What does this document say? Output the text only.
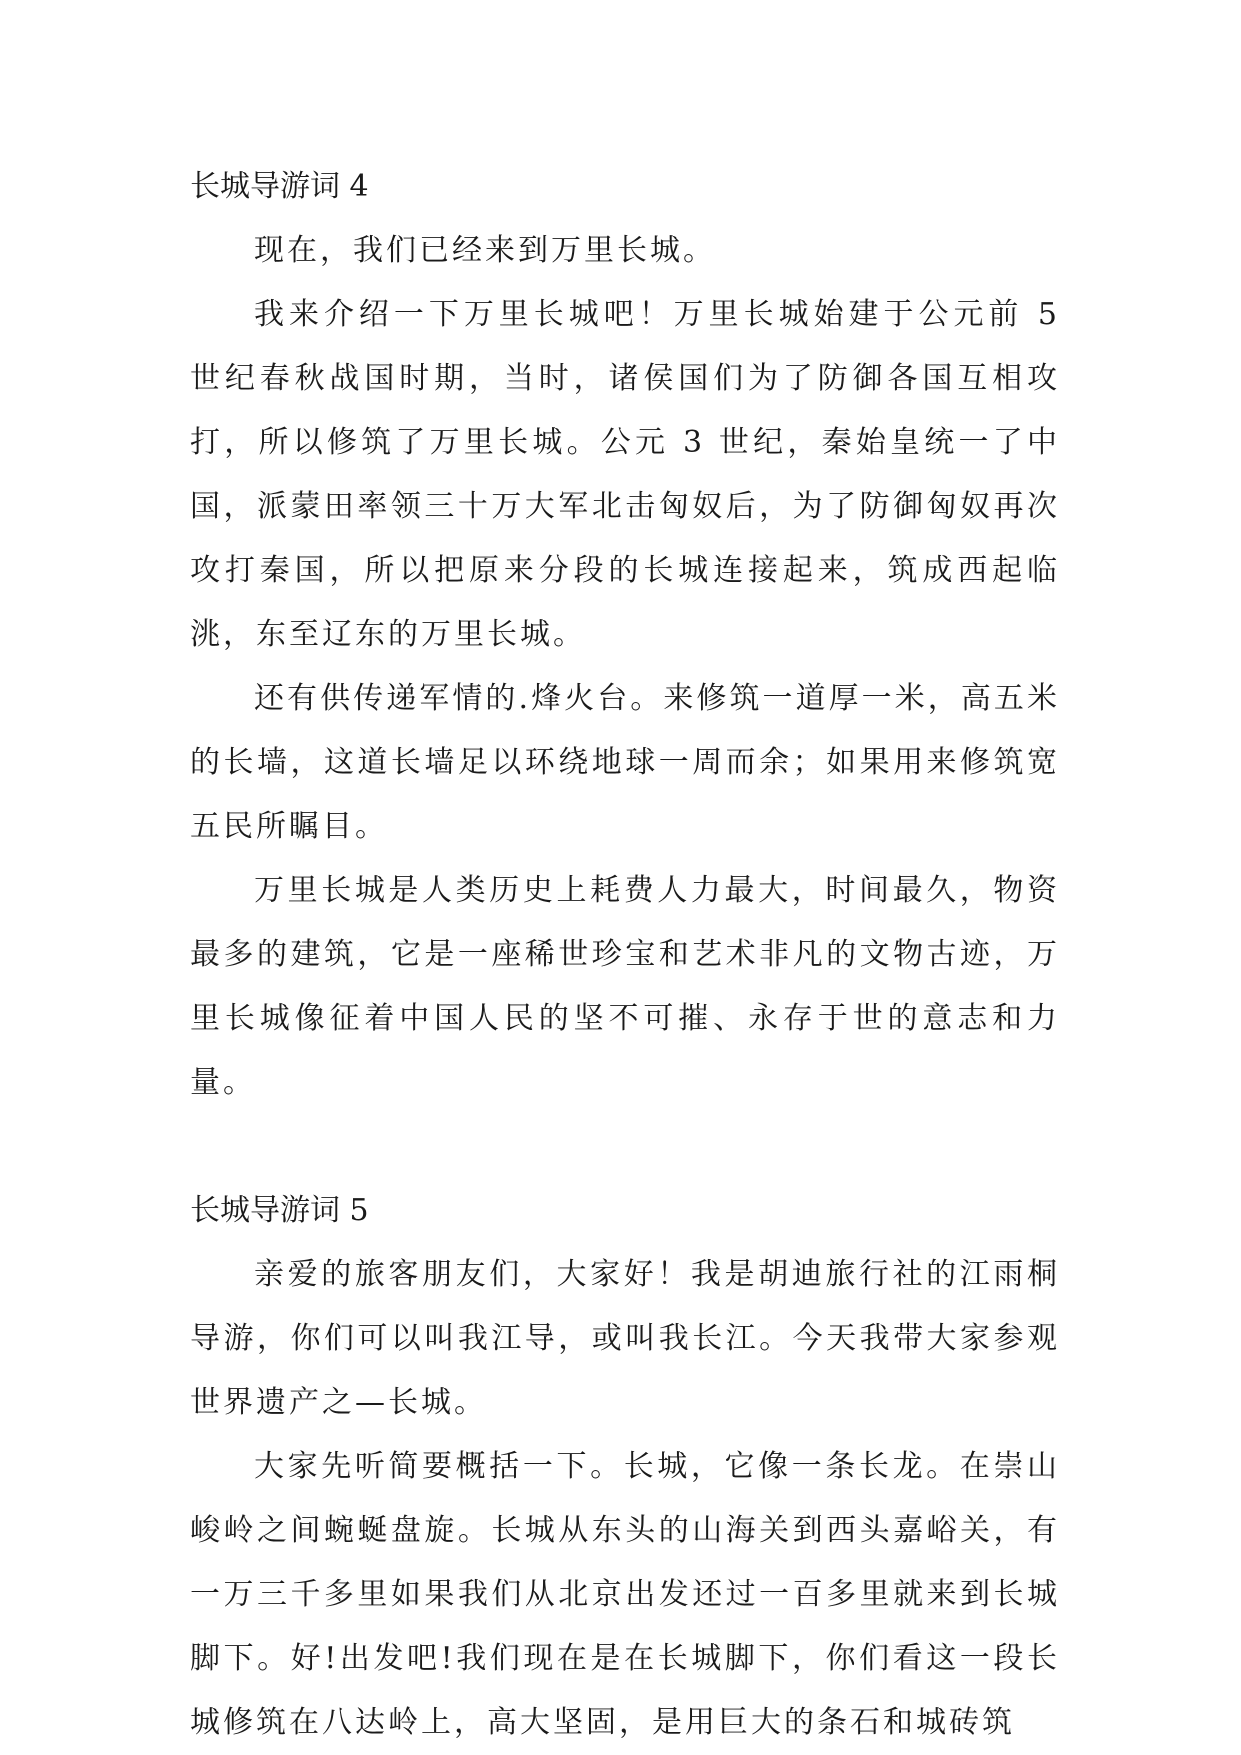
长城导游词 4

现在，我们已经来到万里长城。

我来介绍一下万里长城吧！万里长城始建于公元前 5 世纪春秋战国时期，当时，诸侯国们为了防御各国互相攻打，所以修筑了万里长城。公元 3 世纪，秦始皇统一了中国，派蒙田率领三十万大军北击匈奴后，为了防御匈奴再次攻打秦国，所以把原来分段的长城连接起来，筑成西起临洮，东至辽东的万里长城。

还有供传递军情的.烽火台。来修筑一道厚一米，高五米的长墙，这道长墙足以环绕地球一周而余；如果用来修筑宽五民所瞩目。

万里长城是人类历史上耗费人力最大，时间最久，物资最多的建筑，它是一座稀世珍宝和艺术非凡的文物古迹，万里长城像征着中国人民的坚不可摧、永存于世的意志和力量。

长城导游词 5

亲爱的旅客朋友们，大家好！我是胡迪旅行社的江雨桐导游，你们可以叫我江导，或叫我长江。今天我带大家参观世界遗产之—长城。

大家先听简要概括一下。长城，它像一条长龙。在崇山峻岭之间蜿蜒盘旋。长城从东头的山海关到西头嘉峪关，有一万三千多里如果我们从北京出发还过一百多里就来到长城脚下。好!出发吧!我们现在是在长城脚下，你们看这一段长城修筑在八达岭上，高大坚固，是用巨大的条石和城砖筑
